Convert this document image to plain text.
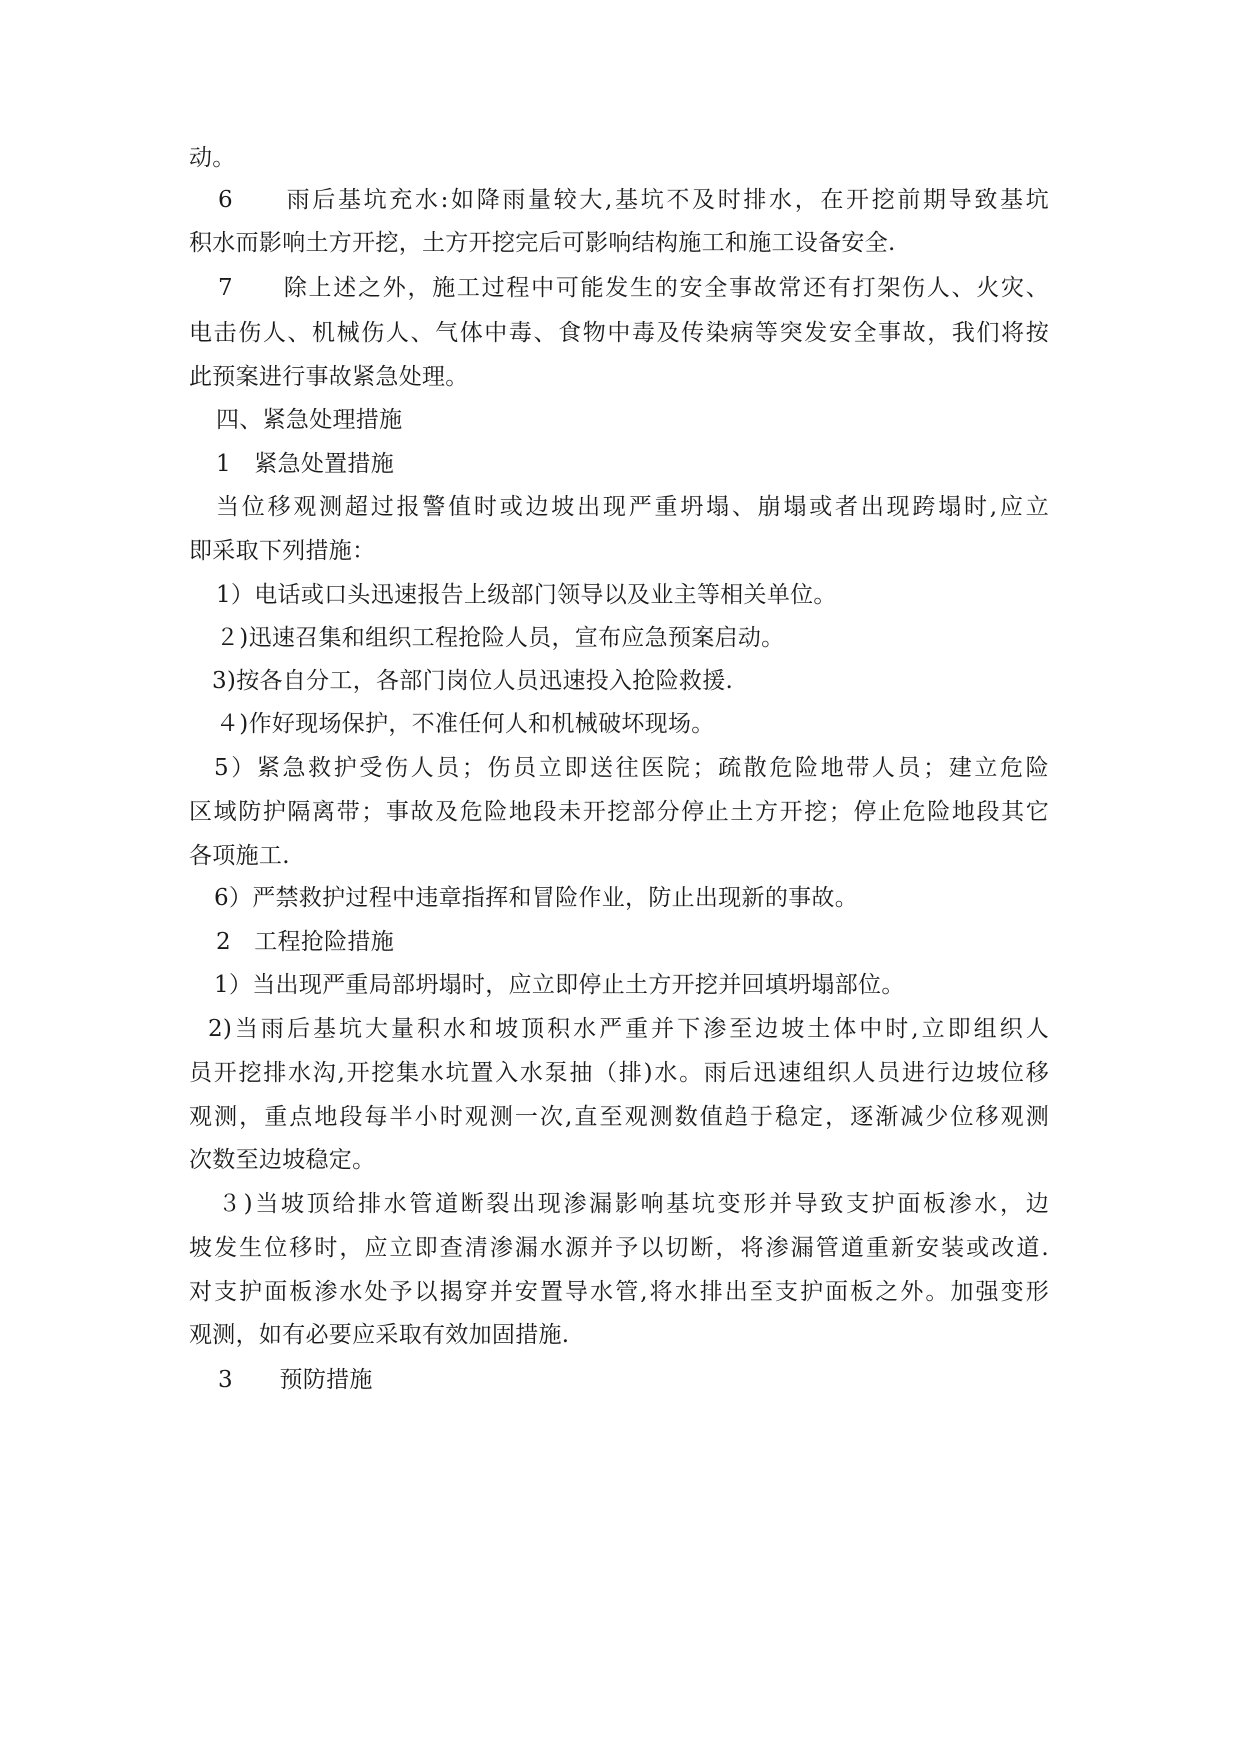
动。
6　　雨后基坑充水:如降雨量较大,基坑不及时排水，在开挖前期导致基坑
积水而影响土方开挖，土方开挖完后可影响结构施工和施工设备安全.
7　　除上述之外，施工过程中可能发生的安全事故常还有打架伤人、火灾、
电击伤人、机械伤人、气体中毒、食物中毒及传染病等突发安全事故，我们将按
此预案进行事故紧急处理。
四、紧急处理措施
1　紧急处置措施
当位移观测超过报警值时或边坡出现严重坍塌、崩塌或者出现跨塌时,应立
即采取下列措施：
1）电话或口头迅速报告上级部门领导以及业主等相关单位。
２)迅速召集和组织工程抢险人员，宣布应急预案启动。
3)按各自分工，各部门岗位人员迅速投入抢险救援.
４)作好现场保护，不准任何人和机械破坏现场。
5）紧急救护受伤人员；伤员立即送往医院；疏散危险地带人员；建立危险
区域防护隔离带；事故及危险地段未开挖部分停止土方开挖；停止危险地段其它
各项施工.
6）严禁救护过程中违章指挥和冒险作业，防止出现新的事故。
2　工程抢险措施
1）当出现严重局部坍塌时，应立即停止土方开挖并回填坍塌部位。
2)当雨后基坑大量积水和坡顶积水严重并下渗至边坡土体中时,立即组织人
员开挖排水沟,开挖集水坑置入水泵抽（排)水。雨后迅速组织人员进行边坡位移
观测，重点地段每半小时观测一次,直至观测数值趋于稳定，逐渐减少位移观测
次数至边坡稳定。
３)当坡顶给排水管道断裂出现渗漏影响基坑变形并导致支护面板渗水，边
坡发生位移时，应立即查清渗漏水源并予以切断，将渗漏管道重新安装或改道.
对支护面板渗水处予以揭穿并安置导水管,将水排出至支护面板之外。加强变形
观测，如有必要应采取有效加固措施.
3　　预防措施
